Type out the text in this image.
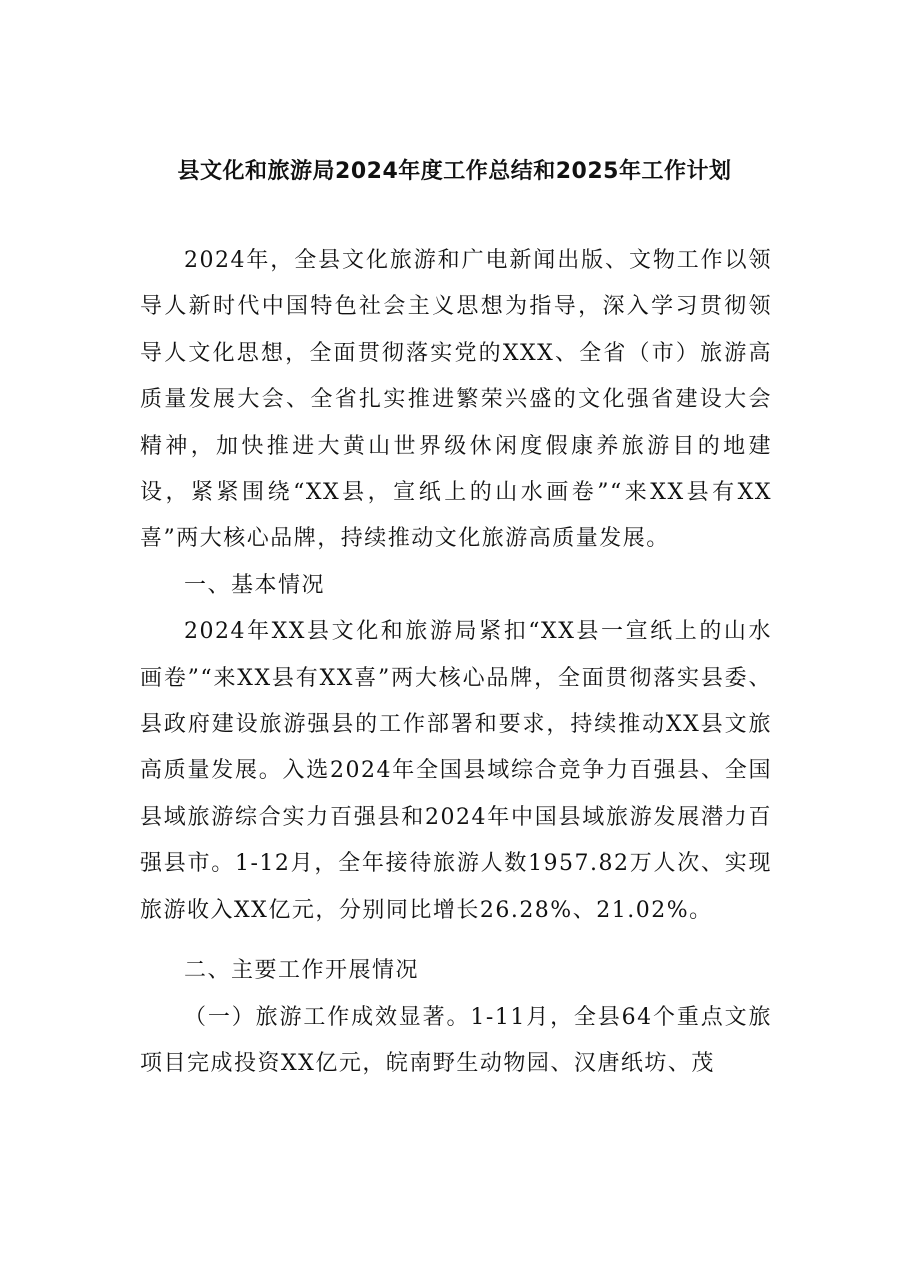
县文化和旅游局2024年度工作总结和2025年工作计划

2024年，全县文化旅游和广电新闻出版、文物工作以领导人新时代中国特色社会主义思想为指导，深入学习贯彻领导人文化思想，全面贯彻落实党的XXX、全省（市）旅游高质量发展大会、全省扎实推进繁荣兴盛的文化强省建设大会精神，加快推进大黄山世界级休闲度假康养旅游目的地建设，紧紧围绕“XX县，宣纸上的山水画卷”“来XX县有XX喜”两大核心品牌，持续推动文化旅游高质量发展。

一、基本情况

2024年XX县文化和旅游局紧扣“XX县一宣纸上的山水画卷”“来XX县有XX喜”两大核心品牌，全面贯彻落实县委、县政府建设旅游强县的工作部署和要求，持续推动XX县文旅高质量发展。入选2024年全国县域综合竞争力百强县、全国县域旅游综合实力百强县和2024年中国县域旅游发展潜力百强县市。1-12月，全年接待旅游人数1957.82万人次、实现旅游收入XX亿元，分别同比增长26.28%、21.02%。

二、主要工作开展情况

（一）旅游工作成效显著。1-11月，全县64个重点文旅项目完成投资XX亿元，皖南野生动物园、汉唐纸坊、茂
